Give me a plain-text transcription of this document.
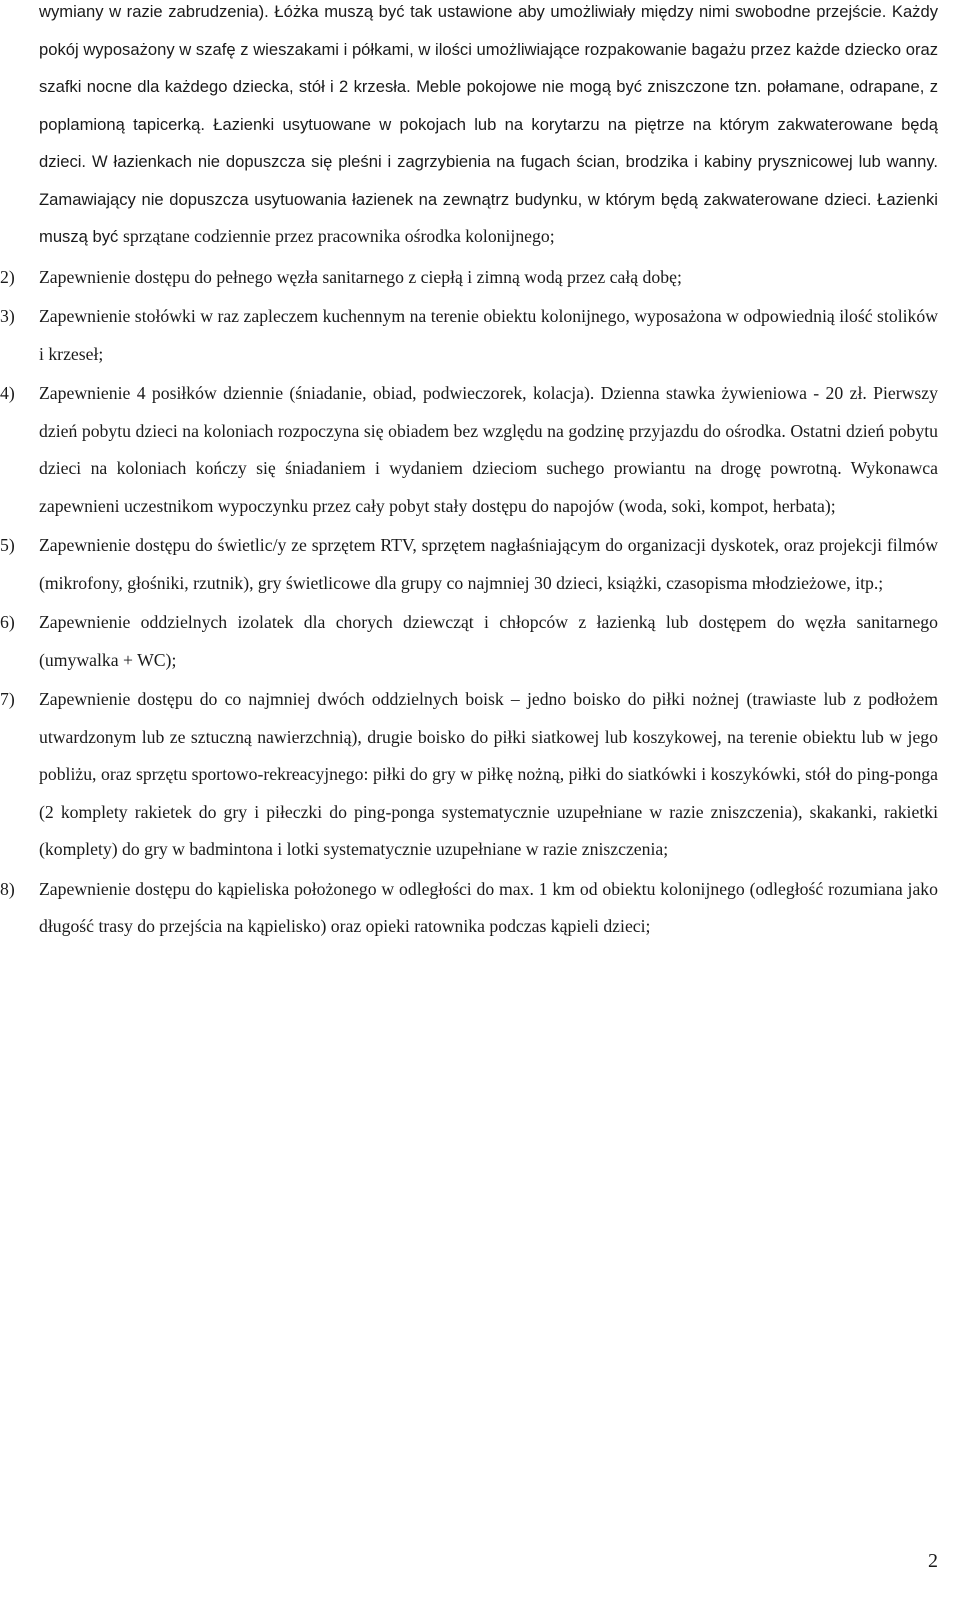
wymiany w razie zabrudzenia). Łóżka muszą być tak ustawione aby umożliwiały między nimi swobodne przejście. Każdy pokój wyposażony w szafę z wieszakami i półkami, w ilości umożliwiające rozpakowanie bagażu przez każde dziecko oraz szafki nocne dla każdego dziecka, stół i 2 krzesła. Meble pokojowe nie mogą być zniszczone tzn. połamane, odrapane, z poplamioną tapicerką. Łazienki usytuowane w pokojach lub na korytarzu na piętrze na którym zakwaterowane będą dzieci. W łazienkach nie dopuszcza się pleśni i zagrzybienia na fugach ścian, brodzika i kabiny prysznicowej lub wanny. Zamawiający nie dopuszcza usytuowania łazienek na zewnątrz budynku, w którym będą zakwaterowane dzieci. Łazienki muszą być sprzątane codziennie przez pracownika ośrodka kolonijnego;

2)	Zapewnienie dostępu do pełnego węzła sanitarnego z ciepłą i zimną wodą przez całą dobę;

3)	Zapewnienie stołówki w raz zapleczem kuchennym na terenie obiektu kolonijnego, wyposażona w odpowiednią ilość stolików i krzeseł;

4)	Zapewnienie 4 posiłków dziennie (śniadanie, obiad, podwieczorek, kolacja). Dzienna stawka żywieniowa - 20 zł. Pierwszy dzień pobytu dzieci na koloniach rozpoczyna się obiadem bez względu na godzinę przyjazdu do ośrodka. Ostatni dzień pobytu dzieci na koloniach kończy się śniadaniem i wydaniem dzieciom suchego prowiantu na drogę powrotną. Wykonawca zapewnieni uczestnikom wypoczynku przez cały pobyt stały dostępu do napojów (woda, soki, kompot, herbata);

5)	Zapewnienie dostępu do świetlic/y ze sprzętem RTV, sprzętem nagłaśniającym do organizacji dyskotek, oraz projekcji filmów (mikrofony, głośniki, rzutnik), gry świetlicowe dla grupy co najmniej 30 dzieci, książki, czasopisma młodzieżowe, itp.;

6)	Zapewnienie oddzielnych izolatek dla chorych dziewcząt i chłopców z łazienką lub dostępem do węzła sanitarnego (umywalka + WC);

7)	Zapewnienie dostępu do co najmniej dwóch oddzielnych boisk – jedno boisko do piłki nożnej (trawiaste lub z podłożem utwardzonym lub ze sztuczną nawierzchnią), drugie boisko do piłki siatkowej lub koszykowej, na terenie obiektu lub w jego pobliżu, oraz sprzętu sportowo-rekreacyjnego: piłki do gry w piłkę nożną, piłki do siatkówki i koszykówki, stół do ping-ponga (2 komplety rakietek do gry i piłeczki do ping-ponga systematycznie uzupełniane w razie zniszczenia), skakanki, rakietki (komplety) do gry w badmintona i lotki systematycznie uzupełniane w razie zniszczenia;

8)	Zapewnienie dostępu do kąpieliska położonego w odległości do max. 1 km od obiektu kolonijnego (odległość rozumiana jako długość trasy do przejścia na kąpielisko) oraz opieki ratownika podczas kąpieli dzieci;

2
